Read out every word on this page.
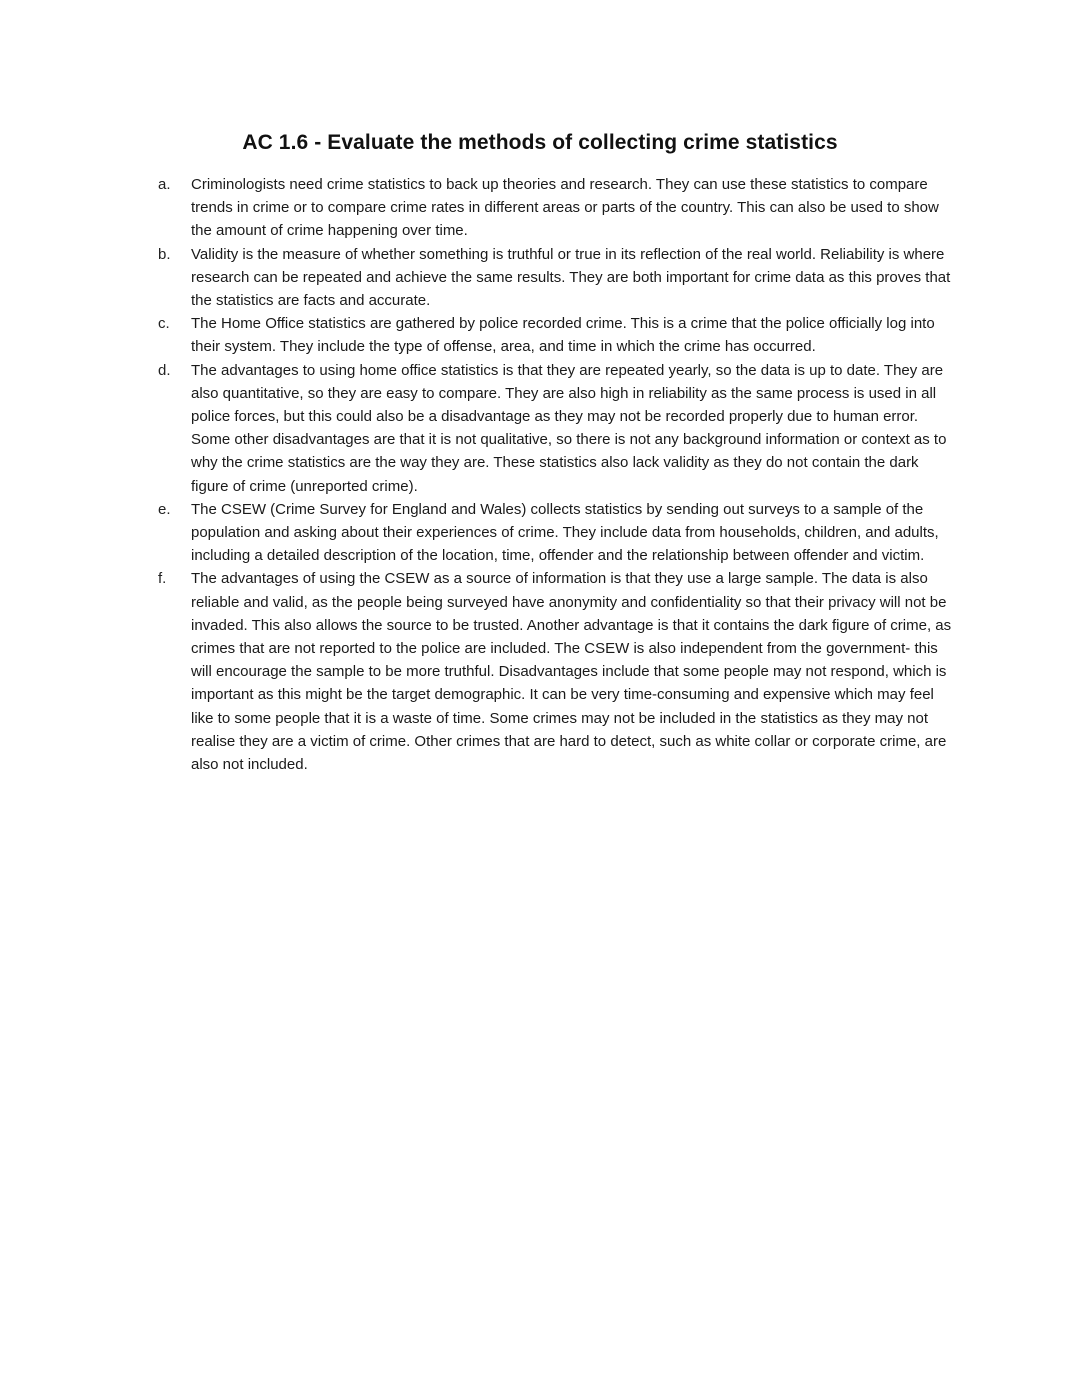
AC 1.6 - Evaluate the methods of collecting crime statistics
a.	Criminologists need crime statistics to back up theories and research. They can use these statistics to compare trends in crime or to compare crime rates in different areas or parts of the country. This can also be used to show the amount of crime happening over time.
b.	Validity is the measure of whether something is truthful or true in its reflection of the real world. Reliability is where research can be repeated and achieve the same results. They are both important for crime data as this proves that the statistics are facts and accurate.
c.	The Home Office statistics are gathered by police recorded crime. This is a crime that the police officially log into their system. They include the type of offense, area, and time in which the crime has occurred.
d.	The advantages to using home office statistics is that they are repeated yearly, so the data is up to date. They are also quantitative, so they are easy to compare. They are also high in reliability as the same process is used in all police forces, but this could also be a disadvantage as they may not be recorded properly due to human error. Some other disadvantages are that it is not qualitative, so there is not any background information or context as to why the crime statistics are the way they are. These statistics also lack validity as they do not contain the dark figure of crime (unreported crime).
e.	The CSEW (Crime Survey for England and Wales) collects statistics by sending out surveys to a sample of the population and asking about their experiences of crime. They include data from households, children, and adults, including a detailed description of the location, time, offender and the relationship between offender and victim.
f.	The advantages of using the CSEW as a source of information is that they use a large sample. The data is also reliable and valid, as the people being surveyed have anonymity and confidentiality so that their privacy will not be invaded. This also allows the source to be trusted. Another advantage is that it contains the dark figure of crime, as crimes that are not reported to the police are included. The CSEW is also independent from the government- this will encourage the sample to be more truthful. Disadvantages include that some people may not respond, which is important as this might be the target demographic. It can be very time-consuming and expensive which may feel like to some people that it is a waste of time. Some crimes may not be included in the statistics as they may not realise they are a victim of crime. Other crimes that are hard to detect, such as white collar or corporate crime, are also not included.
